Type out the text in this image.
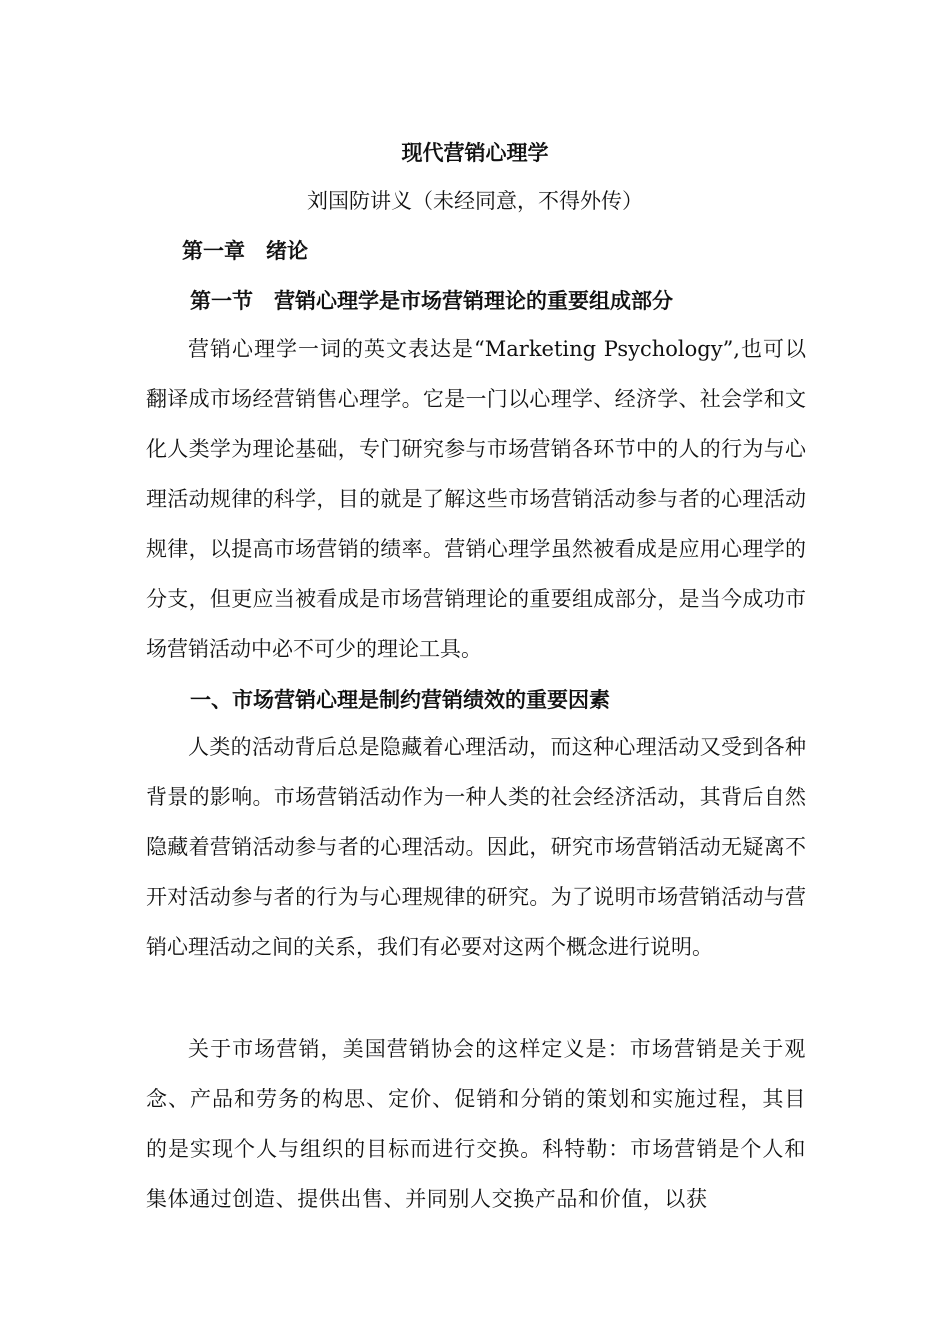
现代营销心理学
刘国防讲义（未经同意，不得外传）
第一章　绪论
第一节　营销心理学是市场营销理论的重要组成部分

营销心理学一词的英文表达是“Marketing Psychology”,也可以翻译成市场经营销售心理学。它是一门以心理学、经济学、社会学和文化人类学为理论基础，专门研究参与市场营销各环节中的人的行为与心理活动规律的科学，目的就是了解这些市场营销活动参与者的心理活动规律，以提高市场营销的绩率。营销心理学虽然被看成是应用心理学的分支，但更应当被看成是市场营销理论的重要组成部分，是当今成功市场营销活动中必不可少的理论工具。

一、市场营销心理是制约营销绩效的重要因素

人类的活动背后总是隐藏着心理活动，而这种心理活动又受到各种背景的影响。市场营销活动作为一种人类的社会经济活动，其背后自然隐藏着营销活动参与者的心理活动。因此，研究市场营销活动无疑离不开对活动参与者的行为与心理规律的研究。为了说明市场营销活动与营销心理活动之间的关系，我们有必要对这两个概念进行说明。

关于市场营销，美国营销协会的这样定义是：市场营销是关于观念、产品和劳务的构思、定价、促销和分销的策划和实施过程，其目的是实现个人与组织的目标而进行交换。科特勒：市场营销是个人和集体通过创造、提供出售、并同别人交换产品和价值，以获
